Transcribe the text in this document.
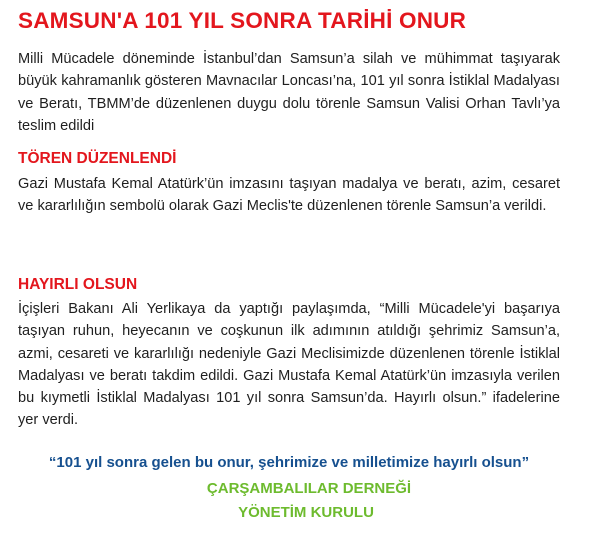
SAMSUN'A 101 YIL SONRA TARİHİ ONUR

Milli Mücadele döneminde İstanbul’dan Samsun’a silah ve mühimmat taşıyarak büyük kahramanlık gösteren Mavnacılar Loncası’na, 101 yıl sonra İstiklal Madalyası ve Beratı, TBMM’de düzenlenen duygu dolu törenle Samsun Valisi Orhan Tavlı’ya teslim edildi

TÖREN DÜZENLENDİ

Gazi Mustafa Kemal Atatürk’ün imzasını taşıyan madalya ve beratı, azim, cesaret ve kararlılığın sembolü olarak Gazi Meclis'te düzenlenen törenle Samsun’a verildi.

HAYIRLI OLSUN

İçişleri Bakanı Ali Yerlikaya da yaptığı paylaşımda, “Milli Mücadele'yi başarıya taşıyan ruhun, heyecanın ve coşkunun ilk adımının atıldığı şehrimiz Samsun’a, azmi, cesareti ve kararlılığı nedeniyle Gazi Meclisimizde düzenlenen törenle İstiklal Madalyası ve beratı takdim edildi. Gazi Mustafa Kemal Atatürk’ün imzasıyla verilen bu kıymetli İstiklal Madalyası 101 yıl sonra Samsun’da. Hayırlı olsun.” ifadelerine yer verdi.

“101 yıl sonra gelen bu onur, şehrimize ve milletimize hayırlı olsun”

ÇARŞAMBALILAR DERNEĞİ

YÖNETİM KURULU
